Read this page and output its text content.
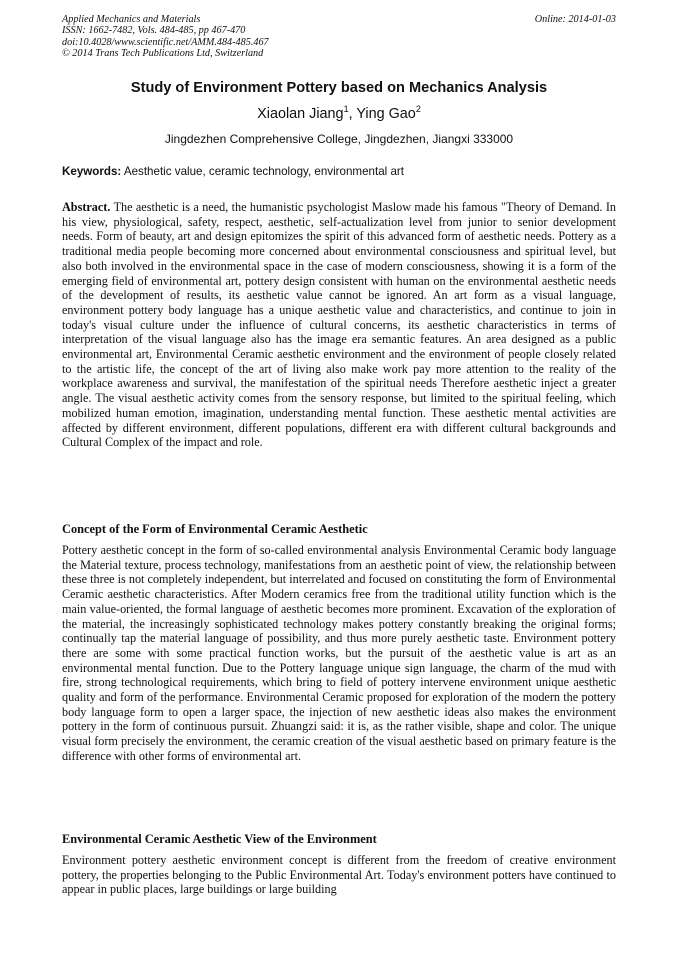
Applied Mechanics and Materials
ISSN: 1662-7482, Vols. 484-485, pp 467-470
doi:10.4028/www.scientific.net/AMM.484-485.467
© 2014 Trans Tech Publications Ltd, Switzerland
Online: 2014-01-03
Study of Environment Pottery based on Mechanics Analysis
Xiaolan Jiang$^1$, Ying Gao$^2$
Jingdezhen Comprehensive College, Jingdezhen, Jiangxi 333000
Keywords: Aesthetic value, ceramic technology, environmental art

Abstract. The aesthetic is a need, the humanistic psychologist Maslow made his famous "Theory of Demand. In his view, physiological, safety, respect, aesthetic, self-actualization level from junior to senior development needs. Form of beauty, art and design epitomizes the spirit of this advanced form of aesthetic needs. Pottery as a traditional media people becoming more concerned about environmental consciousness and spiritual level, but also both involved in the environmental space in the case of modern consciousness, showing it is a form of the emerging field of environmental art, pottery design consistent with human on the environmental aesthetic needs of the development of results, its aesthetic value cannot be ignored. An art form as a visual language, environment pottery body language has a unique aesthetic value and characteristics, and continue to join in today's visual culture under the influence of cultural concerns, its aesthetic characteristics in terms of interpretation of the visual language also has the image era semantic features. An area designed as a public environmental art, Environmental Ceramic aesthetic environment and the environment of people closely related to the artistic life, the concept of the art of living also make work pay more attention to the reality of the workplace awareness and survival, the manifestation of the spiritual needs Therefore aesthetic inject a greater angle. The visual aesthetic activity comes from the sensory response, but limited to the spiritual feeling, which mobilized human emotion, imagination, understanding mental function. These aesthetic mental activities are affected by different environment, different populations, different era with different cultural backgrounds and Cultural Complex of the impact and role.

Concept of the Form of Environmental Ceramic Aesthetic

Pottery aesthetic concept in the form of so-called environmental analysis Environmental Ceramic body language the Material texture, process technology, manifestations from an aesthetic point of view, the relationship between these three is not completely independent, but interrelated and focused on constituting the form of Environmental Ceramic aesthetic characteristics. After Modern ceramics free from the traditional utility function which is the main value-oriented, the formal language of aesthetic becomes more prominent. Excavation of the exploration of the material, the increasingly sophisticated technology makes pottery constantly breaking the original forms; continually tap the material language of possibility, and thus more purely aesthetic taste. Environment pottery there are some with some practical function works, but the pursuit of the aesthetic value is art as an environmental mental function. Due to the Pottery language unique sign language, the charm of the mud with fire, strong technological requirements, which bring to field of pottery intervene environment unique aesthetic quality and form of the performance. Environmental Ceramic proposed for exploration of the modern the pottery body language form to open a larger space, the injection of new aesthetic ideas also makes the environment pottery in the form of continuous pursuit. Zhuangzi said: it is, as the rather visible, shape and color. The unique visual form precisely the environment, the ceramic creation of the visual aesthetic based on primary feature is the difference with other forms of environmental art.

Environmental Ceramic Aesthetic View of the Environment

Environment pottery aesthetic environment concept is different from the freedom of creative environment pottery, the properties belonging to the Public Environmental Art. Today's environment potters have continued to appear in public places, large buildings or large building
